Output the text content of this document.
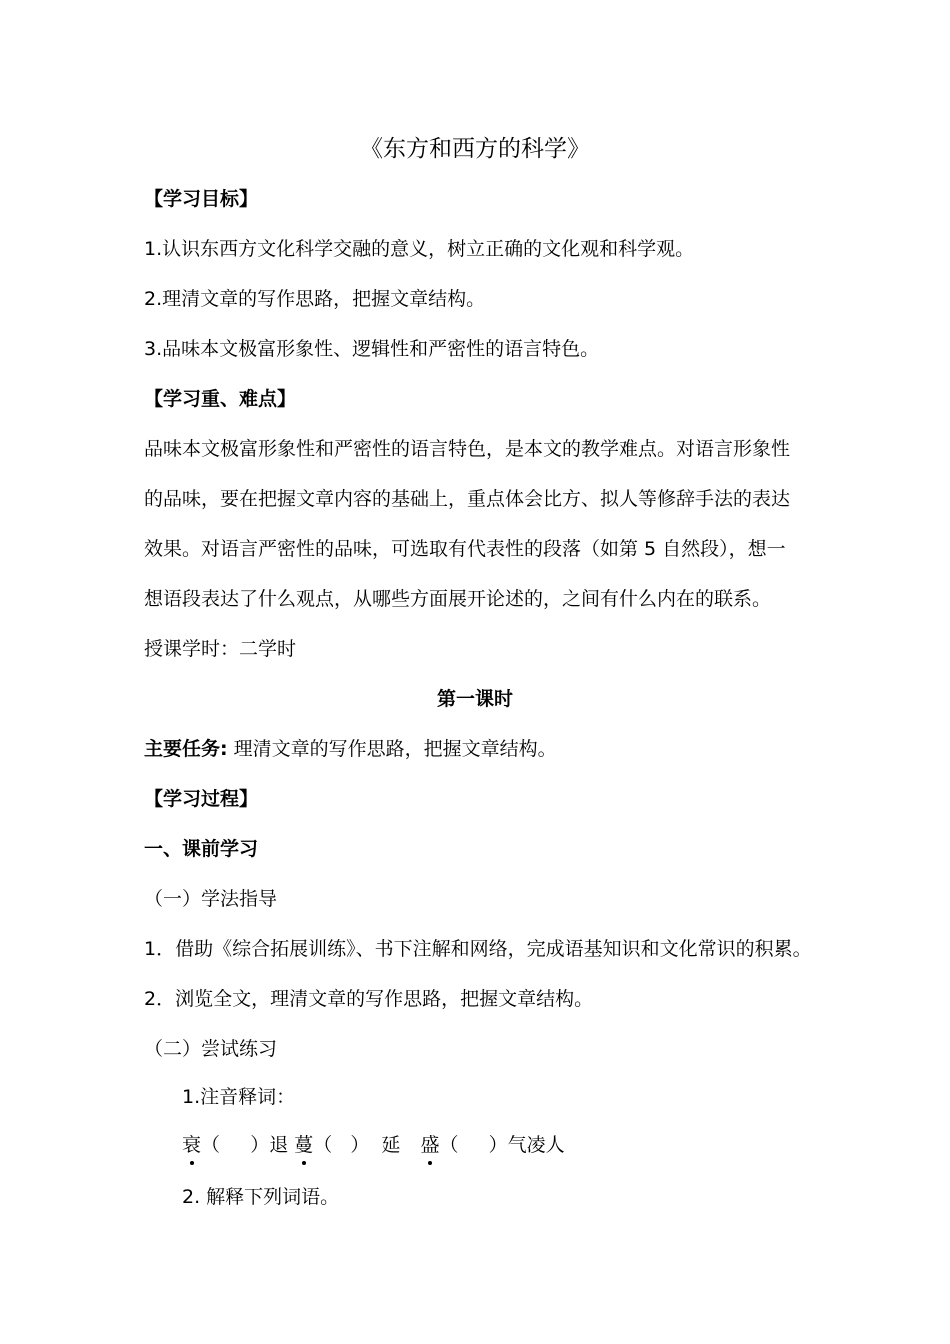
《东方和西方的科学》
【学习目标】
1.认识东西方文化科学交融的意义，树立正确的文化观和科学观。
2.理清文章的写作思路，把握文章结构。
3.品味本文极富形象性、逻辑性和严密性的语言特色。
【学习重、难点】
品味本文极富形象性和严密性的语言特色，是本文的教学难点。对语言形象性
的品味，要在把握文章内容的基础上，重点体会比方、拟人等修辞手法的表达
效果。对语言严密性的品味，可选取有代表性的段落（如第 5 自然段），想一
想语段表达了什么观点，从哪些方面展开论述的，之间有什么内在的联系。
授课学时：二学时
第一课时
主要任务: 理清文章的写作思路，把握文章结构。
【学习过程】
一、课前学习
（一）学法指导
1．借助《综合拓展训练》、书下注解和网络，完成语基知识和文化常识的积累。
2．浏览全文，理清文章的写作思路，把握文章结构。
（二）尝试练习
1.注音释词：
衰（     ）退 蔓（   ）  延 盛（     ）气凌人
2. 解释下列词语。
